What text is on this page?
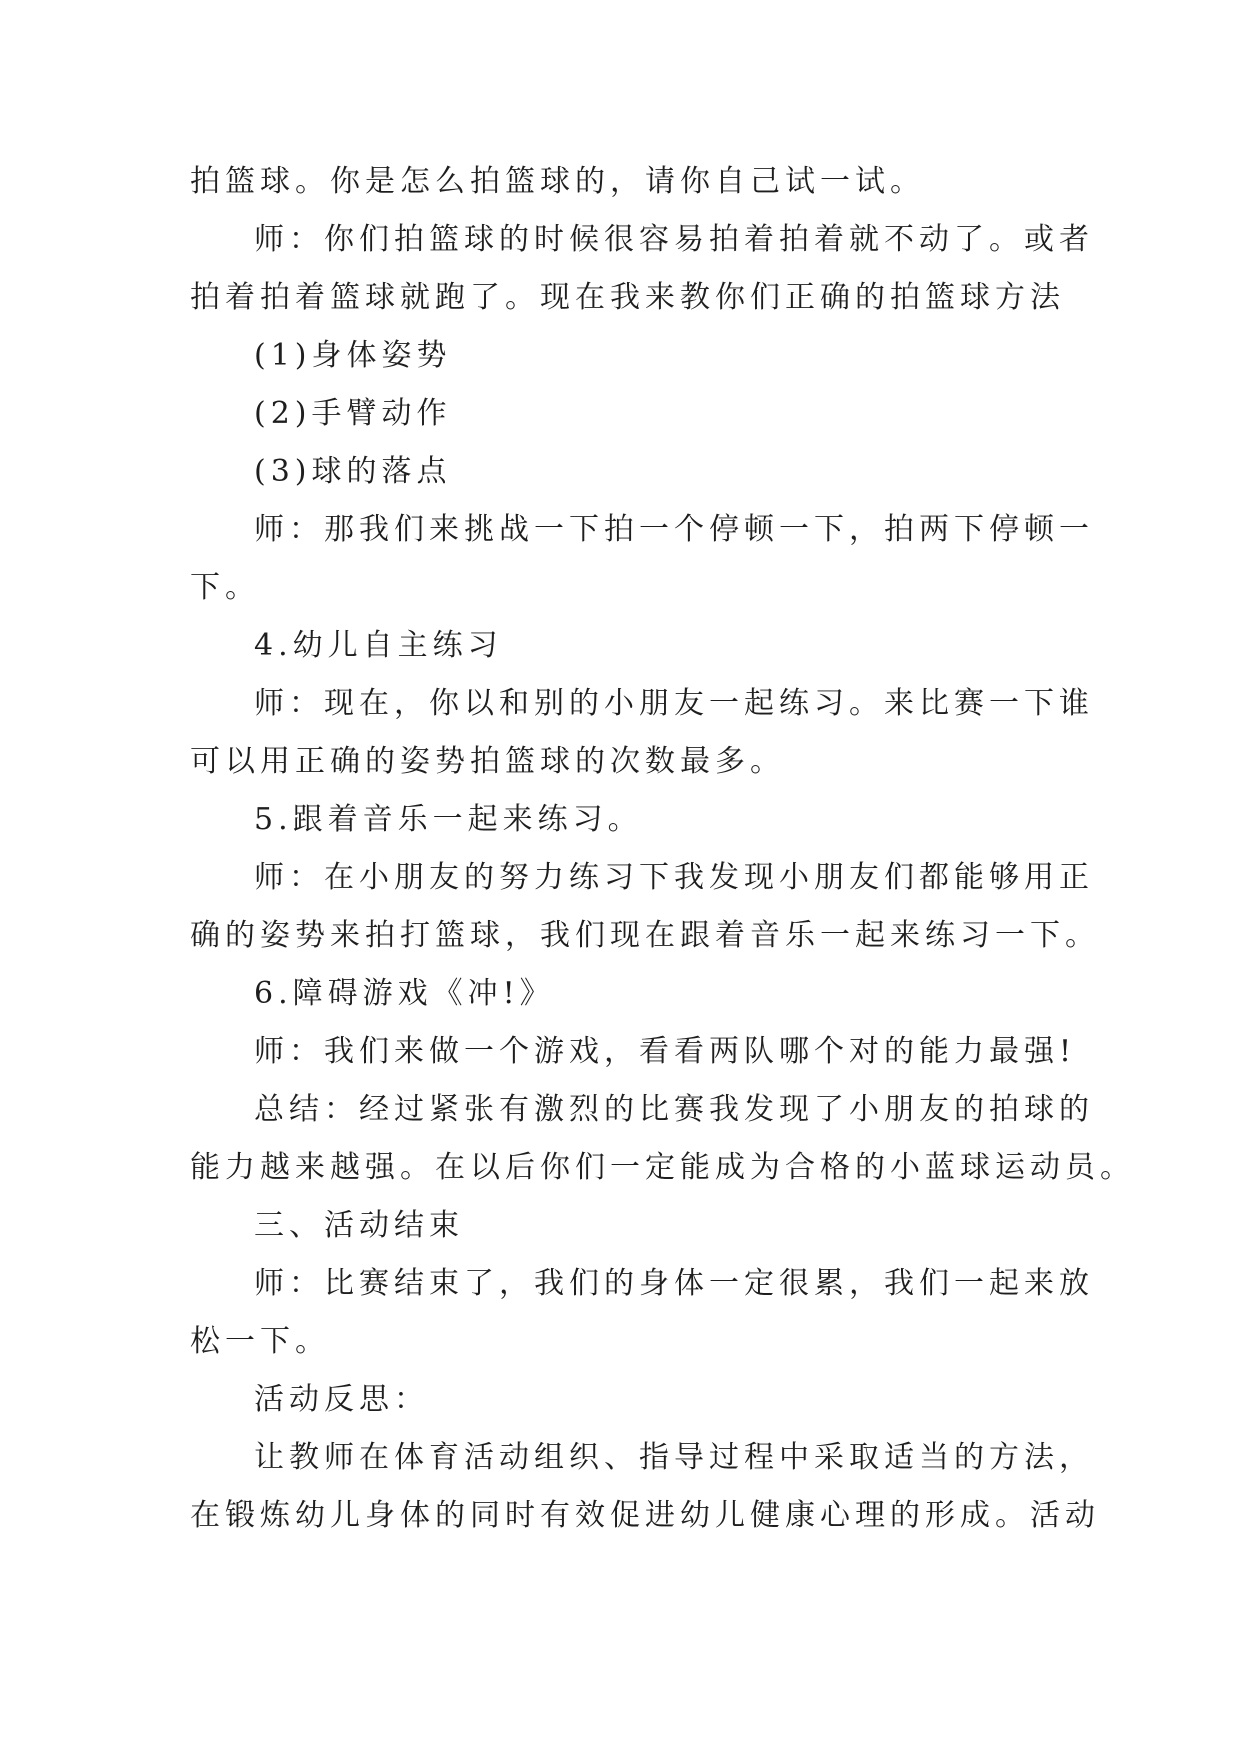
拍篮球。你是怎么拍篮球的，请你自己试一试。
师：你们拍篮球的时候很容易拍着拍着就不动了。或者
拍着拍着篮球就跑了。现在我来教你们正确的拍篮球方法
(1)身体姿势
(2)手臂动作
(3)球的落点
师：那我们来挑战一下拍一个停顿一下，拍两下停顿一
下。
4.幼儿自主练习
师：现在，你以和别的小朋友一起练习。来比赛一下谁
可以用正确的姿势拍篮球的次数最多。
5.跟着音乐一起来练习。
师：在小朋友的努力练习下我发现小朋友们都能够用正
确的姿势来拍打篮球，我们现在跟着音乐一起来练习一下。
6.障碍游戏《冲!》
师：我们来做一个游戏，看看两队哪个对的能力最强!
总结：经过紧张有激烈的比赛我发现了小朋友的拍球的
能力越来越强。在以后你们一定能成为合格的小蓝球运动员。
三、活动结束
师：比赛结束了，我们的身体一定很累，我们一起来放
松一下。
活动反思：
让教师在体育活动组织、指导过程中采取适当的方法，
在锻炼幼儿身体的同时有效促进幼儿健康心理的形成。活动
